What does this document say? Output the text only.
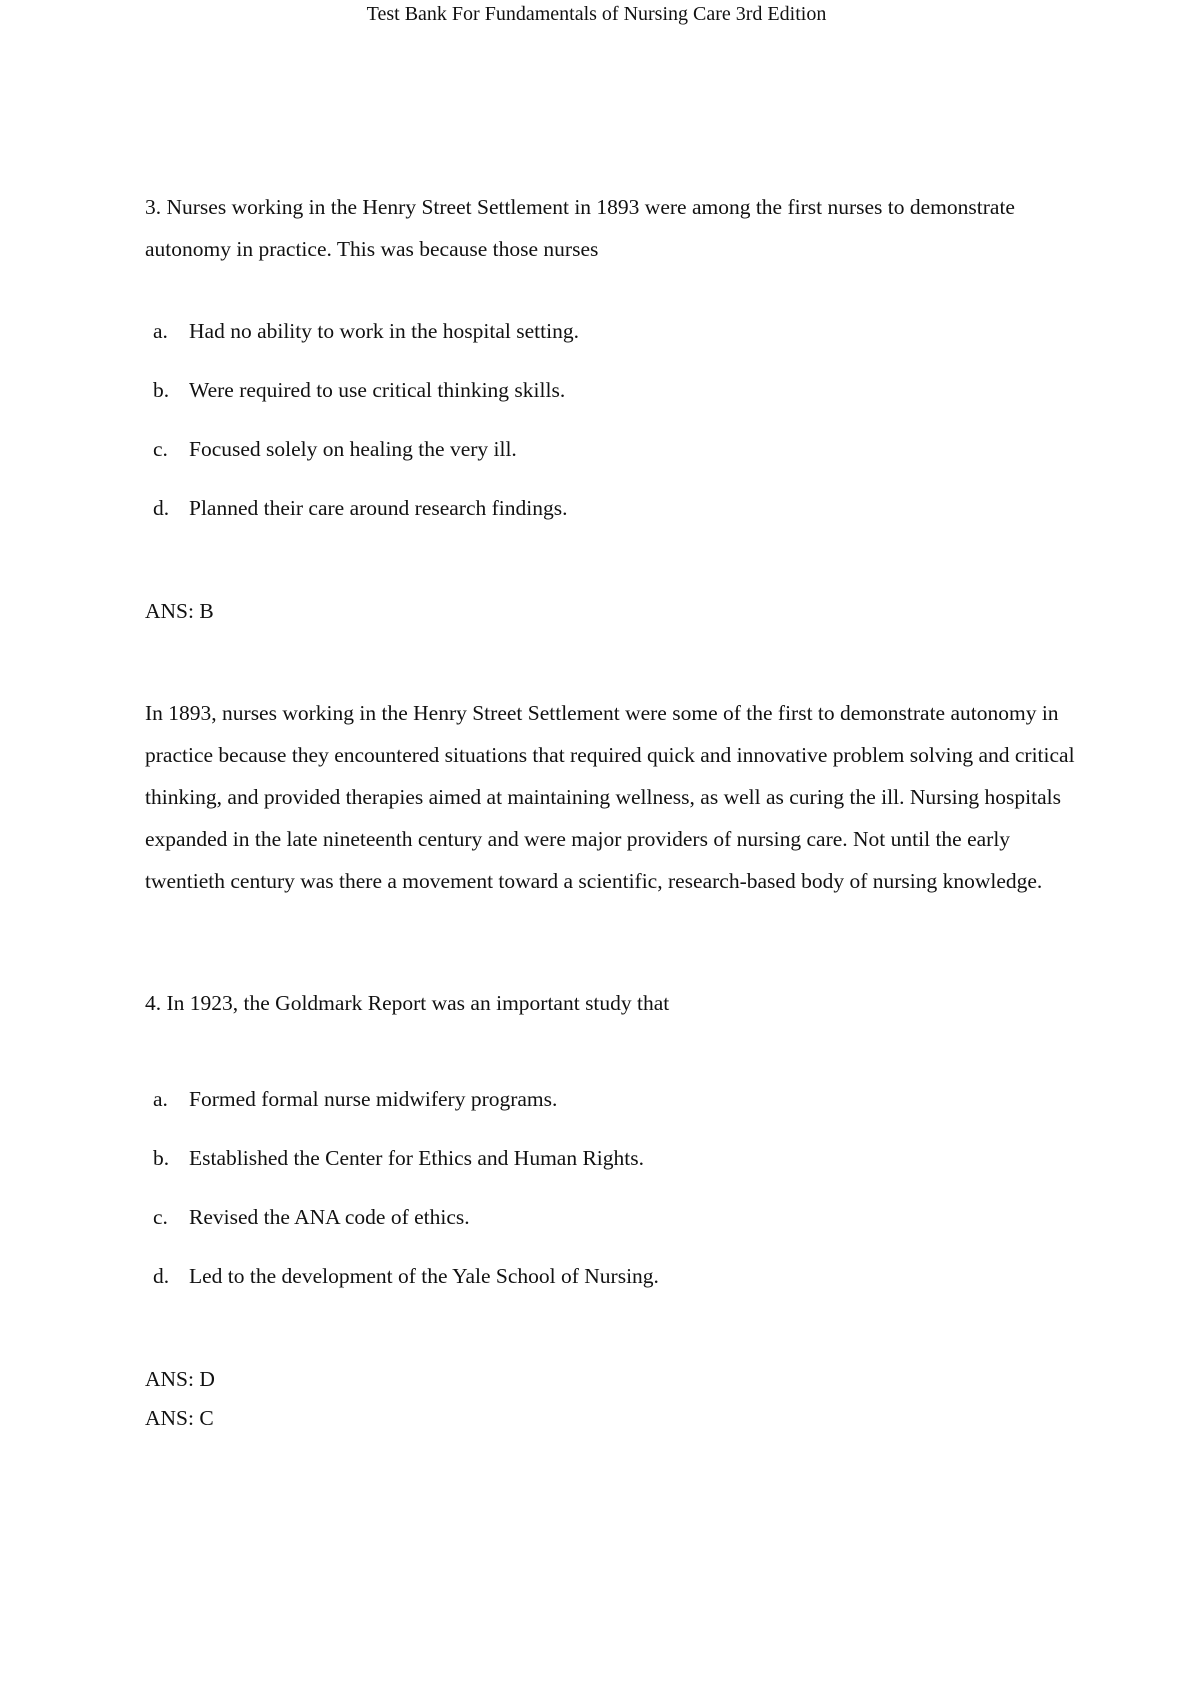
Test Bank For Fundamentals of Nursing Care 3rd Edition
3. Nurses working in the Henry Street Settlement in 1893 were among the first nurses to demonstrate autonomy in practice. This was because those nurses
a. Had no ability to work in the hospital setting.
b. Were required to use critical thinking skills.
c. Focused solely on healing the very ill.
d. Planned their care around research findings.
ANS: B
In 1893, nurses working in the Henry Street Settlement were some of the first to demonstrate autonomy in practice because they encountered situations that required quick and innovative problem solving and critical thinking, and provided therapies aimed at maintaining wellness, as well as curing the ill. Nursing hospitals expanded in the late nineteenth century and were major providers of nursing care. Not until the early twentieth century was there a movement toward a scientific, research-based body of nursing knowledge.
4. In 1923, the Goldmark Report was an important study that
a. Formed formal nurse midwifery programs.
b. Established the Center for Ethics and Human Rights.
c. Revised the ANA code of ethics.
d. Led to the development of the Yale School of Nursing.
ANS: D
ANS: C
